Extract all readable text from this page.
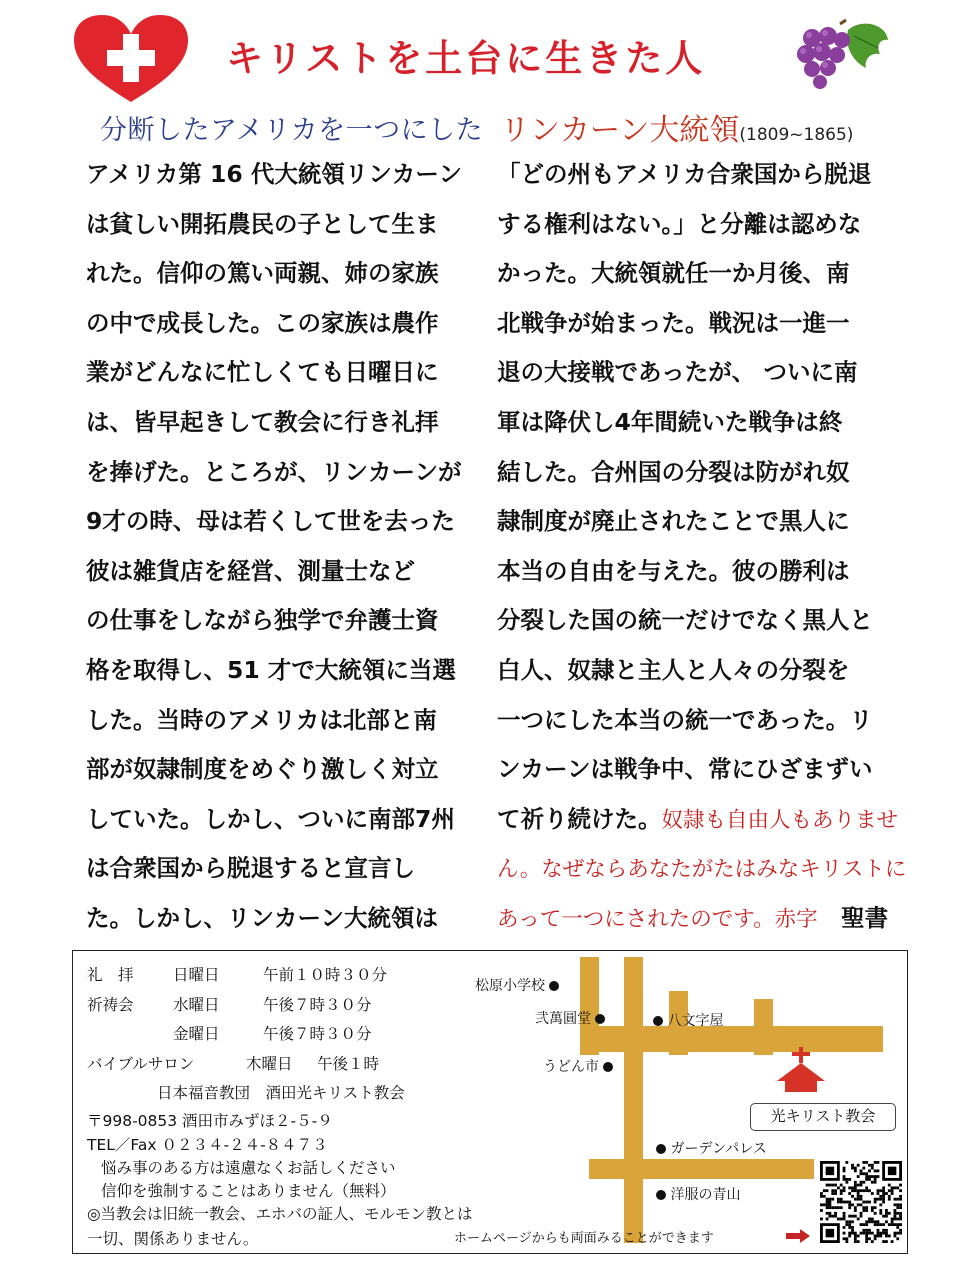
キリストを土台に生きた人
分断したアメリカを一つにした リンカーン大統領(1809~1865)
アメリカ第 16 代大統領リンカーン
は貧しい開拓農民の子として生ま
れた。信仰の篤い両親、姉の家族
の中で成長した。この家族は農作
業がどんなに忙しくても日曜日に
は、皆早起きして教会に行き礼拝
を捧げた。ところが、リンカーンが
9才の時、母は若くして世を去った
彼は雑貨店を経営、測量士など
の仕事をしながら独学で弁護士資
格を取得し、51 才で大統領に当選
した。当時のアメリカは北部と南
部が奴隷制度をめぐり激しく対立
していた。しかし、ついに南部7州
は合衆国から脱退すると宣言し
た。しかし、リンカーン大統領は
「どの州もアメリカ合衆国から脱退
する権利はない。」と分離は認めな
かった。大統領就任一か月後、南
北戦争が始まった。戦況は一進一
退の大接戦であったが、 ついに南
軍は降伏し4年間続いた戦争は終
結した。合州国の分裂は防がれ奴
隷制度が廃止されたことで黒人に
本当の自由を与えた。彼の勝利は
分裂した国の統一だけでなく黒人と
白人、奴隷と主人と人々の分裂を
一つにした本当の統一であった。リ
ンカーンは戦争中、常にひざまずい
て祈り続けた。奴隷も自由人もありませ
ん。なぜならあなたがたはみなキリストに
あって一つにされたのです。赤字　 聖書
礼　拝	日曜日	午前１０時３０分
祈祷会	水曜日	午後７時３０分
金曜日	午後７時３０分
バイブルサロン	木曜日 午後１時
日本福音教団　酒田光キリスト教会
〒998-0853 酒田市みずほ２-５-９
TEL／Fax ０２３４-２４-８４７３
悩み事のある方は遠慮なくお話しください
信仰を強制することはありません（無料）
◎当教会は旧統一教会、エホバの証人、モルモン教とは
一切、関係ありません。
松原小学校
弐萬圓堂	八文字屋
うどん市
ガーデンパレス
洋服の青山
光キリスト教会
ホームページからも両面みることができます
